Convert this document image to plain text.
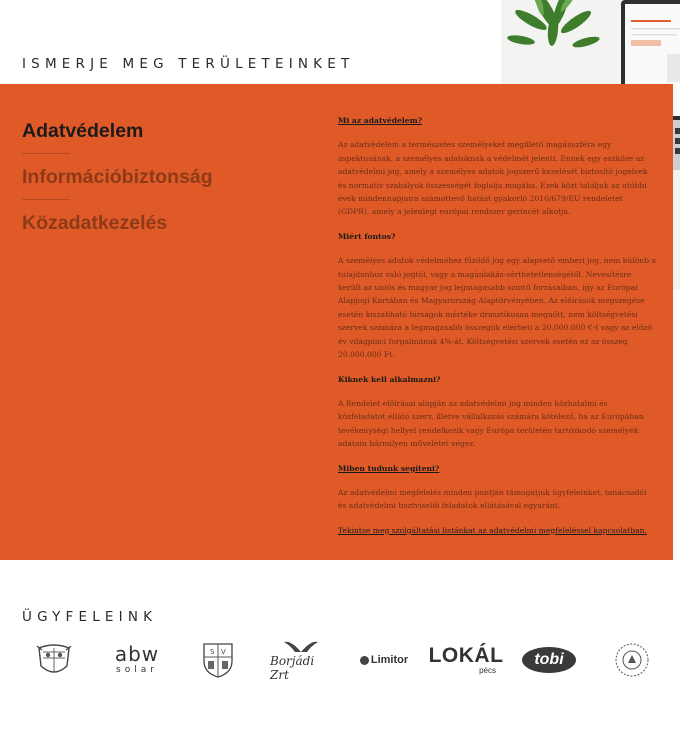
ISMERJE MEG TERÜLETEINKET
Adatvédelem
Információbiztonság
Közadatkezelés

Mi az adatvédelem?

Az adatvédelem a természetes személyeket megillető magánszféra egy aspektusának, a személyes adatoknak a védelmét jelenti. Ennek egy eszköze az adatvédelmi jog, amely a személyes adatok jogszerű kezelését biztosító jogelvek és normatív szabályok összességét foglalja magába. Ezek közt találjuk az utóbbi évek mindennapjaira számottevő hatást gyakorló 2016/679/EU rendeletet (GDPR), amely a jelenlegi európai rendszer gerincét alkotja.

Miért fontos?

A személyes adatok védelméhez fűződő jog egy alapvető emberi jog, nem különb a tulajdonhoz való jogtól, vagy a magánlakás-sérthetetlenségétől. Nevesítésre került az uniós és magyar jog legmagasabb szintű forrásaiban, így az Európai Alapjogi Kartában és Magyarország Alaptörvényében. Az előírások megszegése esetén kiszabható bírságok mértéke drasztikusan megnőtt, nem költségvetési szervek számára a legmagasabb összegük elérheti a 20.000.000 €-t vagy az előző év világpiaci forgalmának 4%-át. Költségvetési szervek esetén ez az összeg 20.000.000 Ft.

Kiknek kell alkalmazni?

A Rendelet előírásai alapján az adatvédelmi jog minden közhatalmi és közfeladatot ellátó szerv, illetve vállalkozás számára kötelező, ha az Európában tevékenységi hellyel rendelkezik vagy Európa területén tartózkodó személyek adatain bármilyen műveletet végez.

Miben tudunk segíteni?

Az adatvédelmi megfelelés minden pontján támogatjuk ügyfeleinket, tanácsadói és adatvédelmi tisztviselői feladatok ellátásával egyaránt.

Tekintse meg szolgáltatási listánkat az adatvédelmi megfeleléssel kapcsolatban.

ÜGYFELEINK
abw
solar
S V
Borjádi Zrt
Limitor LOKÁL
pécs
tobi
